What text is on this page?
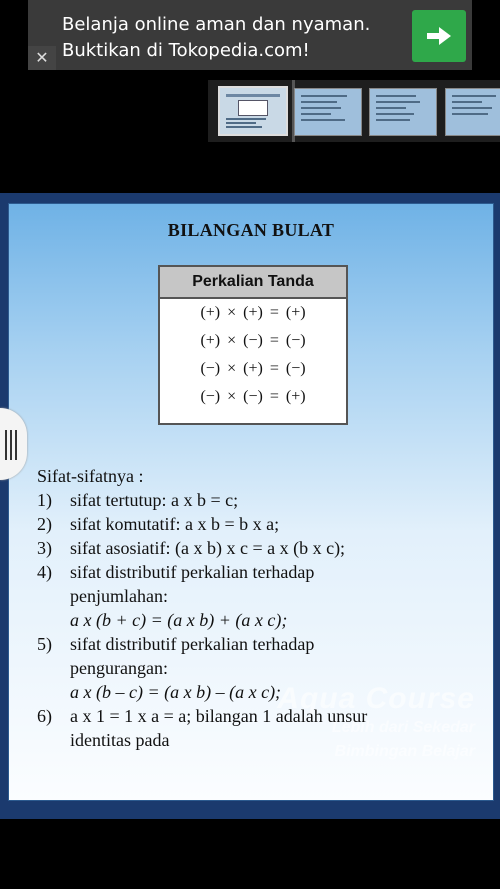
Belanja online aman dan nyaman.
Buktikan di Tokopedia.com!
✕
BILANGAN BULAT
Perkalian Tanda
(+) × (+) = (+)
(+) × (−) = (−)
(−) × (+) = (−)
(−) × (−) = (+)
Aqua Course
Lebih dari Sekedar
Bimbingan Belajar
Sifat-sifatnya :
1)	sifat tertutup: a x b = c;
2)	sifat komutatif: a x b = b x a;
3)	sifat asosiatif: (a x b) x c = a x (b x c);
4)	sifat distributif perkalian terhadap
penjumlahan:
a x (b + c) = (a x b) + (a x c);
5)	sifat distributif perkalian terhadap
pengurangan:
a x (b – c) = (a x b) – (a x c);
6)	a x 1 = 1 x a = a; bilangan 1 adalah unsur
identitas pada
